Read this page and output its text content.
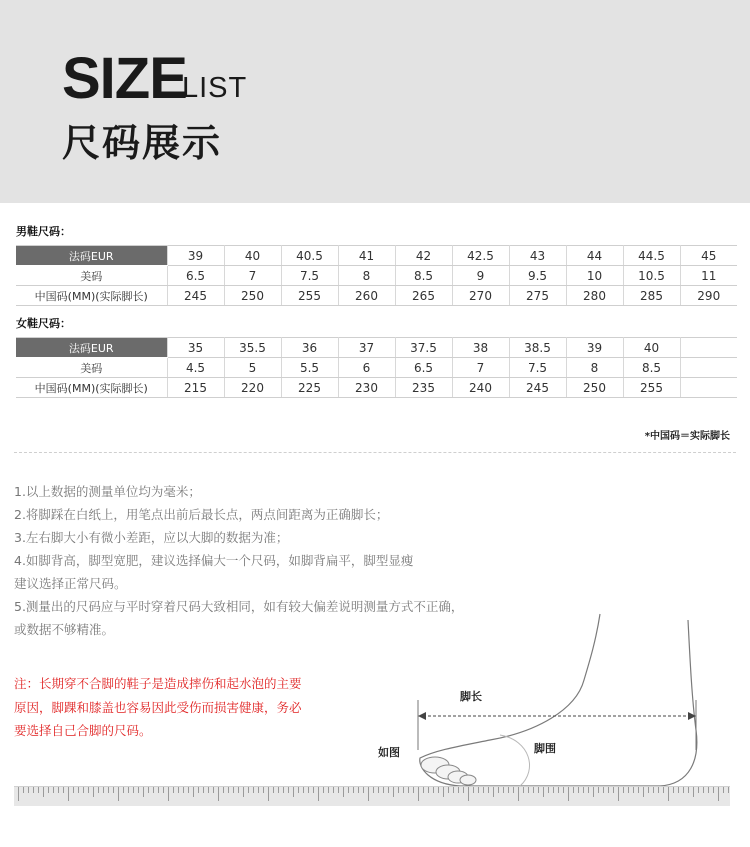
SIZE
LIST
尺码展示
男鞋尺码：
法码EUR	39	40	40.5	41	42	42.5	43	44	44.5	45
美码	6.5	7	7.5	8	8.5	9	9.5	10	10.5	11
中国码(MM)(实际脚长)	245	250	255	260	265	270	275	280	285	290
女鞋尺码：
法码EUR	35	35.5	36	37	37.5	38	38.5	39	40	
美码	4.5	5	5.5	6	6.5	7	7.5	8	8.5	
中国码(MM)(实际脚长)	215	220	225	230	235	240	245	250	255	
*中国码＝实际脚长
脚长
如图	脚围

1.以上数据的测量单位均为毫米；

2.将脚踩在白纸上，用笔点出前后最长点，两点间距离为正确脚长；

3.左右脚大小有微小差距，应以大脚的数据为准；

4.如脚背高，脚型宽肥，建议选择偏大一个尺码，如脚背扁平，脚型显瘦

建议选择正常尺码。

5.测量出的尺码应与平时穿着尺码大致相同，如有较大偏差说明测量方式不正确，

或数据不够精准。

注：长期穿不合脚的鞋子是造成摔伤和起水泡的主要

原因，脚踝和膝盖也容易因此受伤而损害健康，务必

要选择自己合脚的尺码。
